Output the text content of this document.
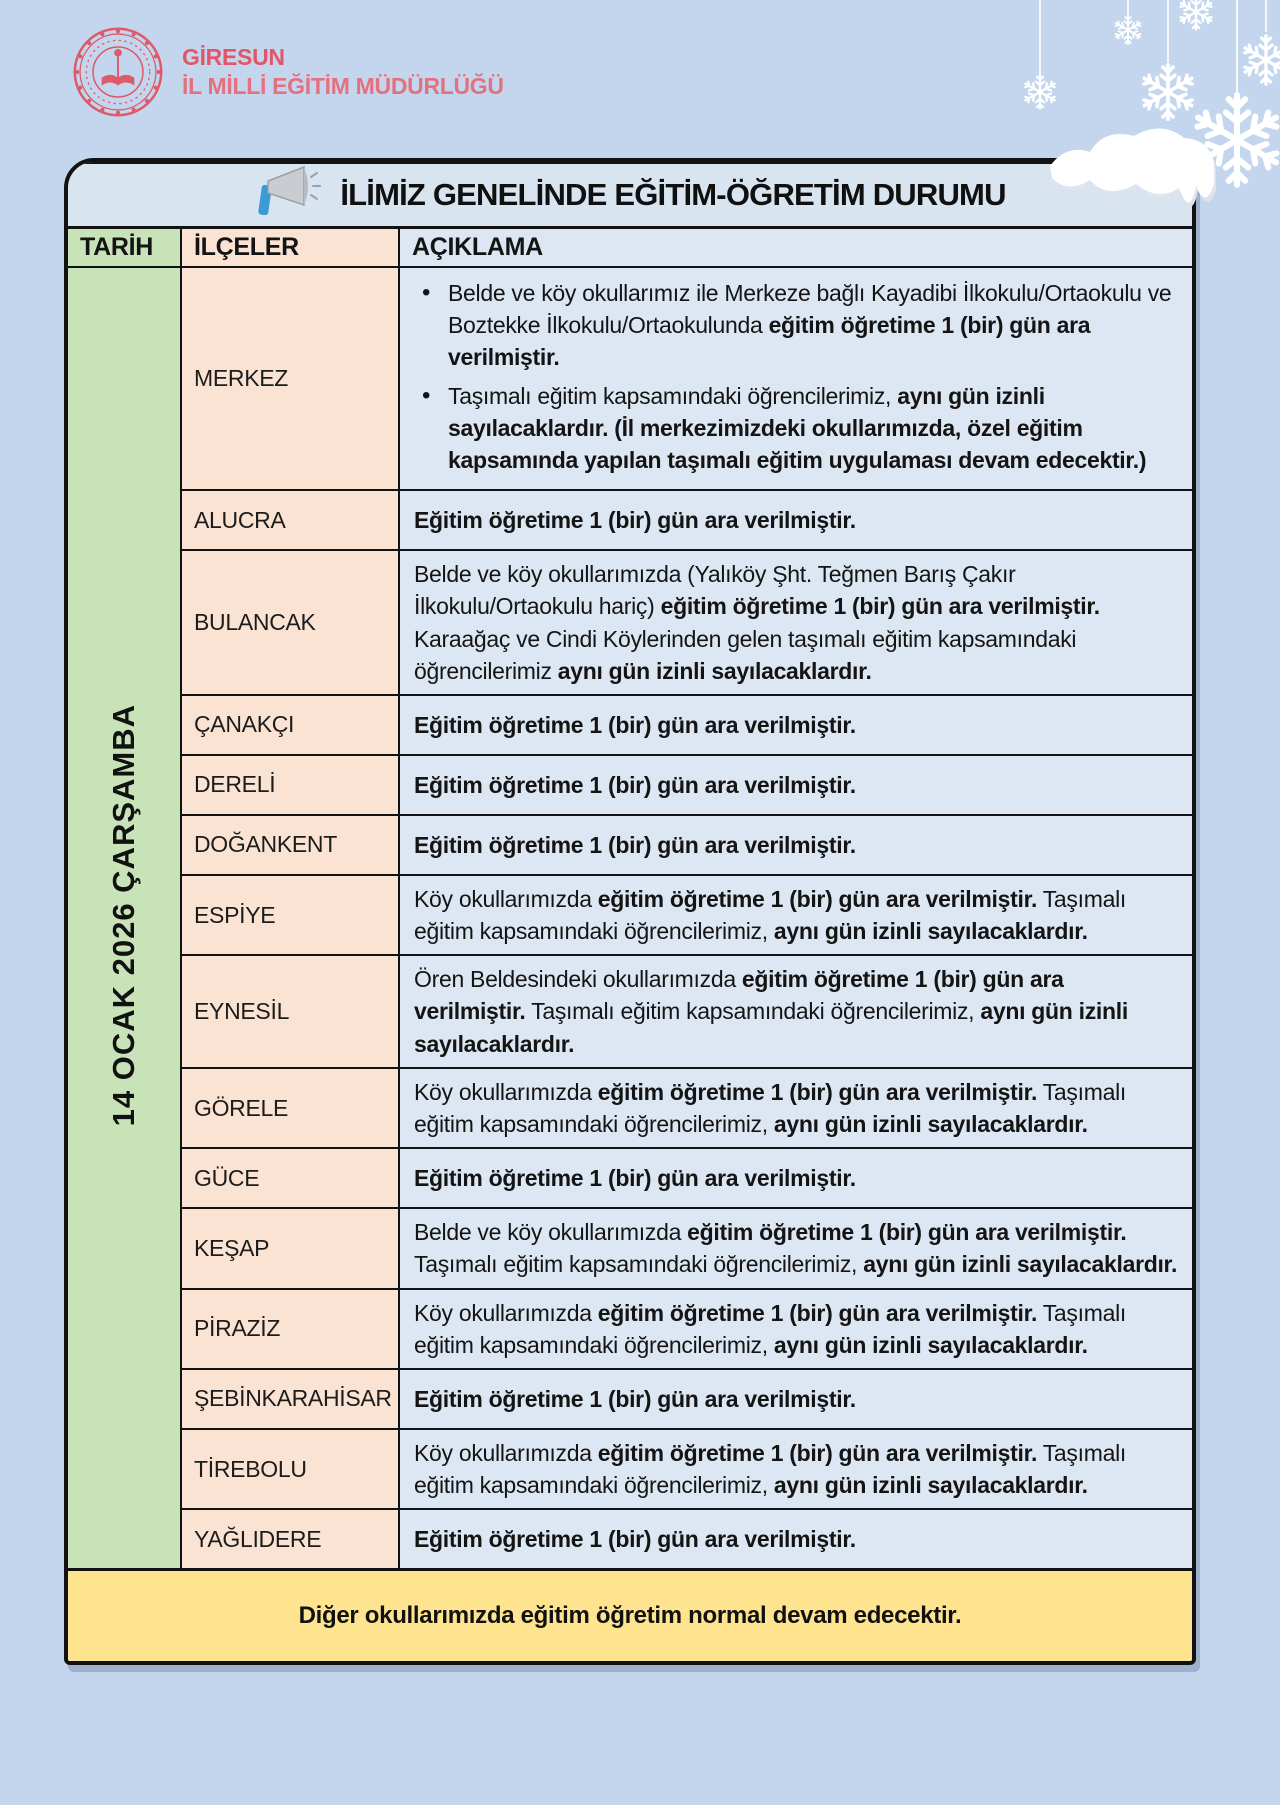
GİRESUN
İL MİLLİ EĞİTİM MÜDÜRLÜĞÜ
İLİMİZ GENELİNDE EĞİTİM-ÖĞRETİM DURUMU		

TARİH	İLÇELER	AÇIKLAMA
14 OCAK 2026 ÇARŞAMBA	MERKEZ	• Belde ve köy okullarımız ile Merkeze bağlı Kayadibi İlkokulu/Ortaokulu ve Boztekke İlkokulu/Ortaokulunda eğitim öğretime 1 (bir) gün ara verilmiştir.
• Taşımalı eğitim kapsamındaki öğrencilerimiz, aynı gün izinli sayılacaklardır. (İl merkezimizdeki okullarımızda, özel eğitim kapsamında yapılan taşımalı eğitim uygulaması devam edecektir.)

	ALUCRA	Eğitim öğretime 1 (bir) gün ara verilmiştir.

	BULANCAK	Belde ve köy okullarımızda (Yalıköy Şht. Teğmen Barış Çakır İlkokulu/Ortaokulu hariç) eğitim öğretime 1 (bir) gün ara verilmiştir. Karaağaç ve Cindi Köylerinden gelen taşımalı eğitim kapsamındaki öğrencilerimiz aynı gün izinli sayılacaklardır.

	ÇANAKÇI	Eğitim öğretime 1 (bir) gün ara verilmiştir.

	DERELİ	Eğitim öğretime 1 (bir) gün ara verilmiştir.

	DOĞANKENT	Eğitim öğretime 1 (bir) gün ara verilmiştir.

	ESPİYE	Köy okullarımızda eğitim öğretime 1 (bir) gün ara verilmiştir. Taşımalı eğitim kapsamındaki öğrencilerimiz, aynı gün izinli sayılacaklardır.

	EYNESİL	Ören Beldesindeki okullarımızda eğitim öğretime 1 (bir) gün ara verilmiştir. Taşımalı eğitim kapsamındaki öğrencilerimiz, aynı gün izinli sayılacaklardır.

	GÖRELE	Köy okullarımızda eğitim öğretime 1 (bir) gün ara verilmiştir. Taşımalı eğitim kapsamındaki öğrencilerimiz, aynı gün izinli sayılacaklardır.

	GÜCE	Eğitim öğretime 1 (bir) gün ara verilmiştir.

	KEŞAP	Belde ve köy okullarımızda eğitim öğretime 1 (bir) gün ara verilmiştir. Taşımalı eğitim kapsamındaki öğrencilerimiz, aynı gün izinli sayılacaklardır.

	PİRAZİZ	Köy okullarımızda eğitim öğretime 1 (bir) gün ara verilmiştir. Taşımalı eğitim kapsamındaki öğrencilerimiz, aynı gün izinli sayılacaklardır.

	ŞEBİNKARAHİSAR	Eğitim öğretime 1 (bir) gün ara verilmiştir.

	TİREBOLU	Köy okullarımızda eğitim öğretime 1 (bir) gün ara verilmiştir. Taşımalı eğitim kapsamındaki öğrencilerimiz, aynı gün izinli sayılacaklardır.

	YAĞLIDERE	Eğitim öğretime 1 (bir) gün ara verilmiştir.

Diğer okullarımızda eğitim öğretim normal devam edecektir.		
